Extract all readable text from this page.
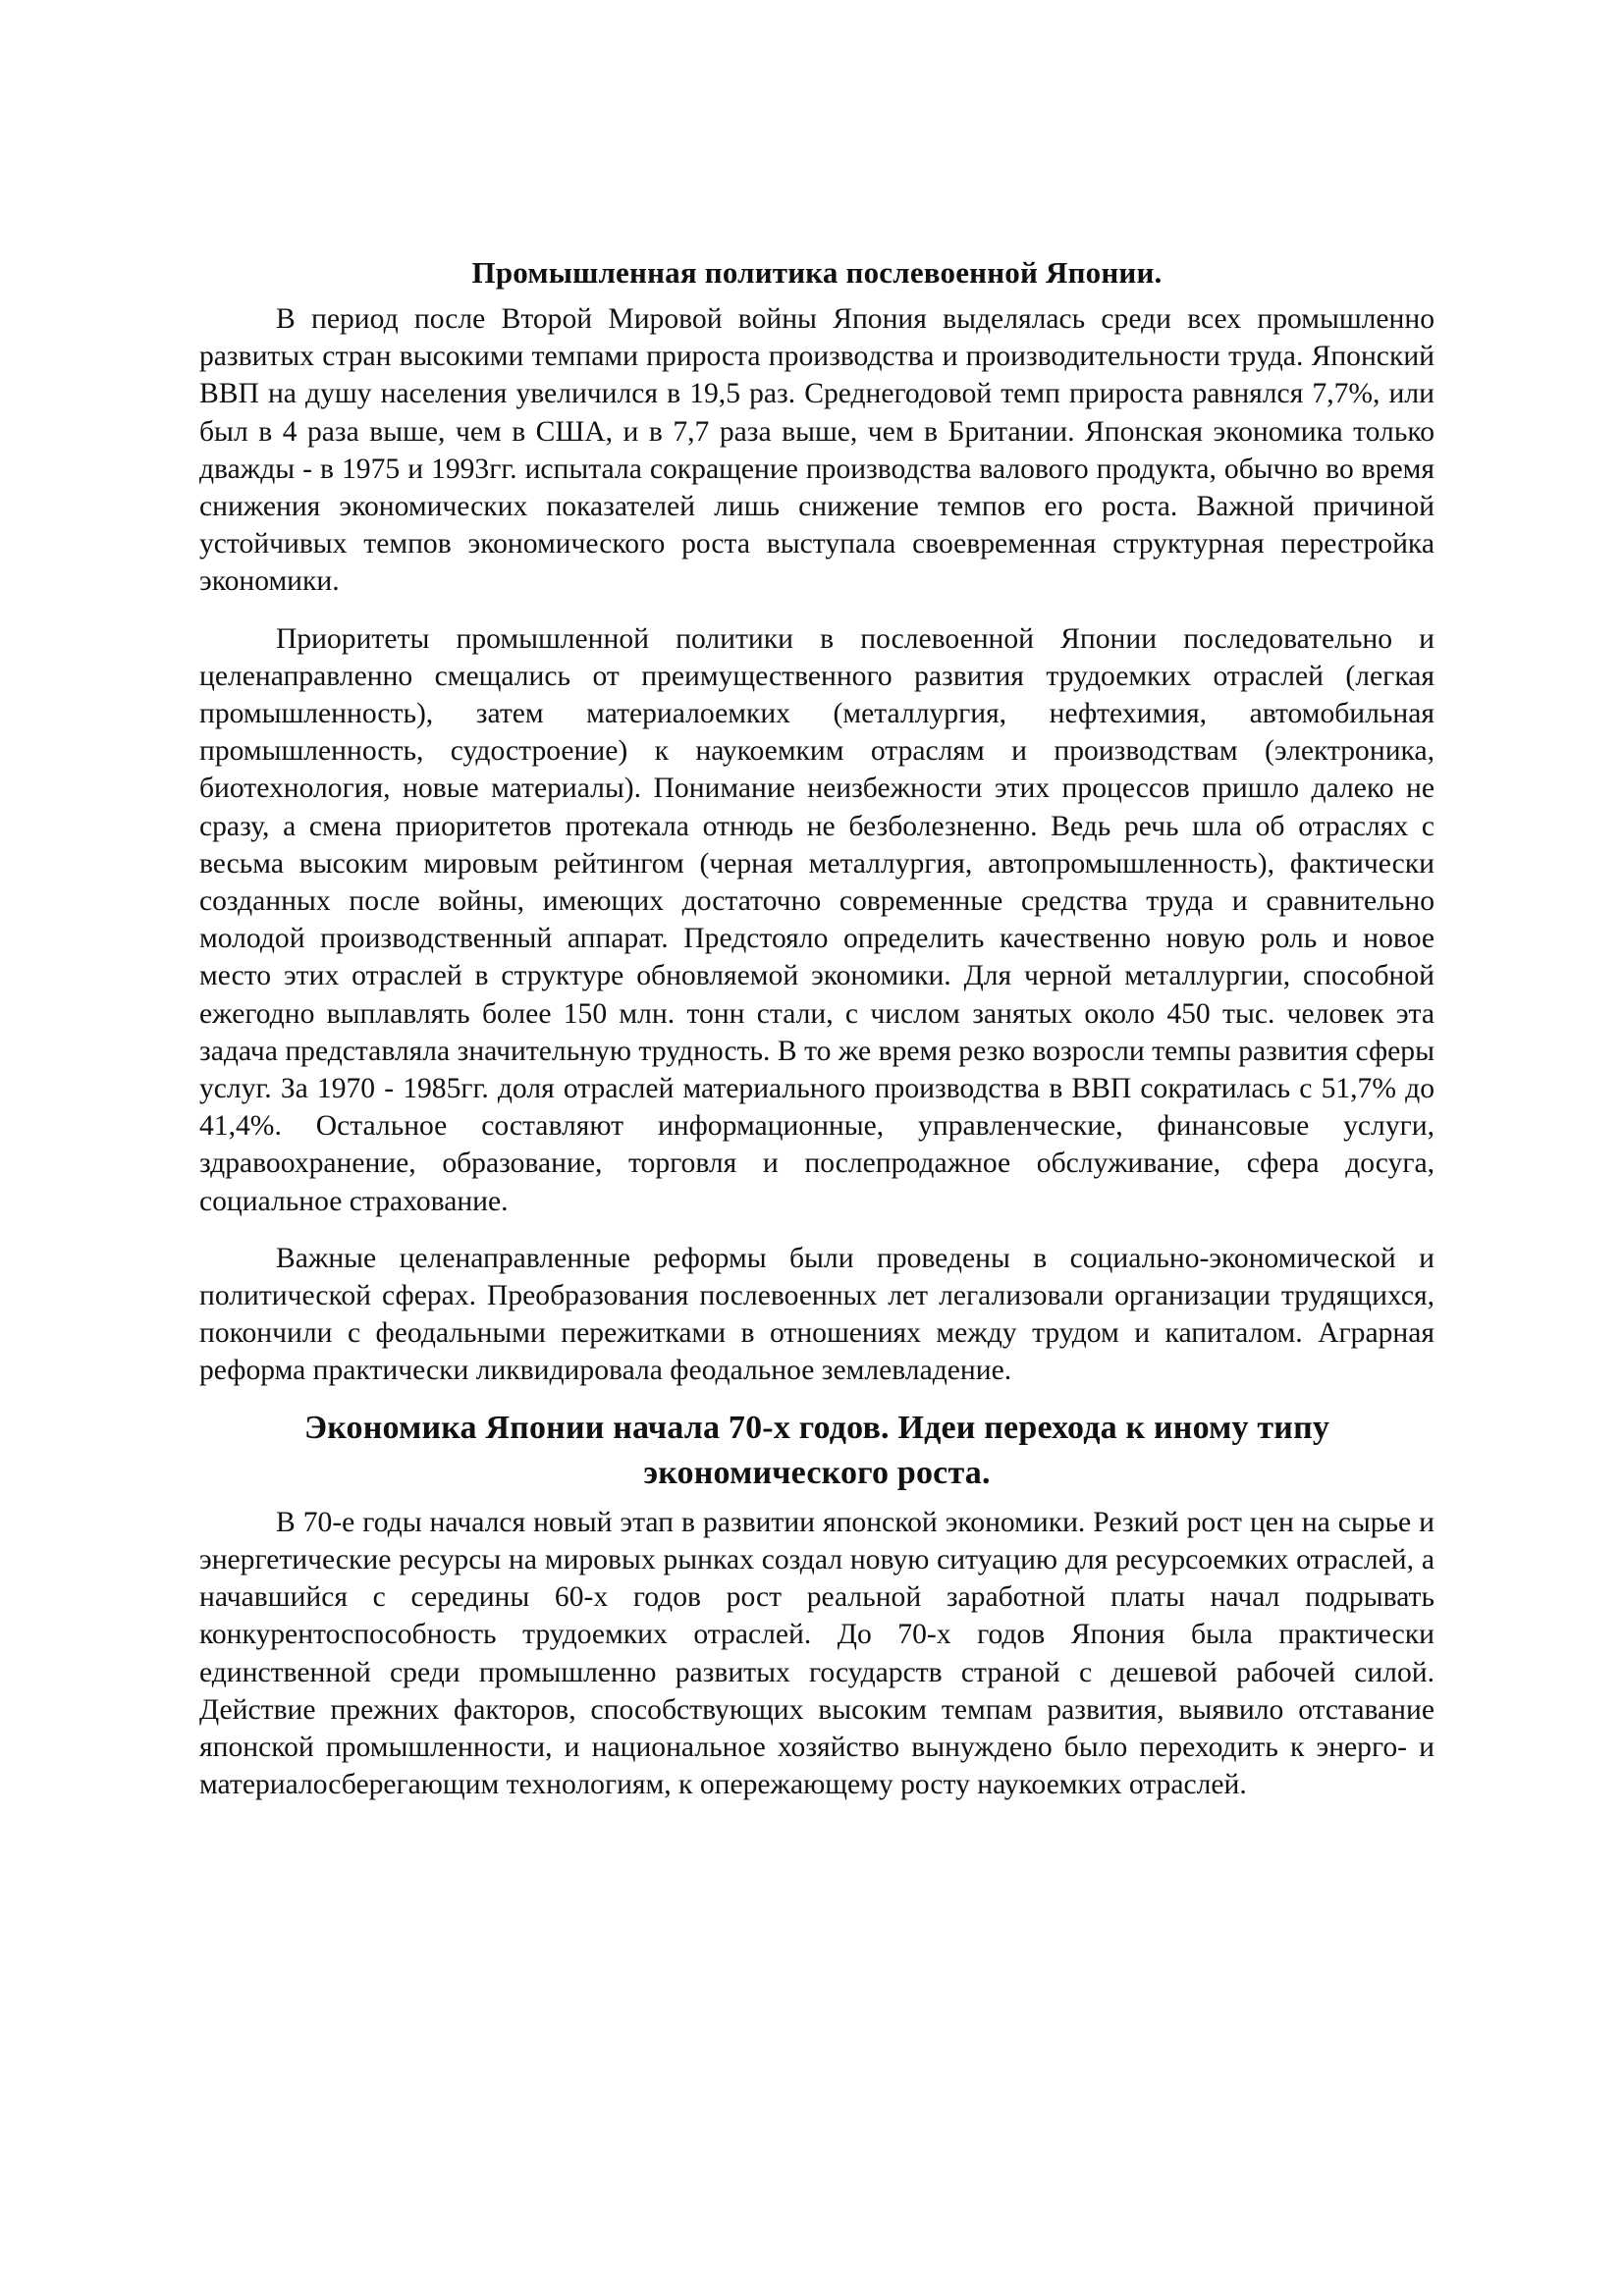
Промышленная политика послевоенной Японии.

В период после Второй Мировой войны Япония выделялась среди всех промышленно развитых стран высокими темпами прироста производства и производительности труда. Японский ВВП на душу населения увеличился в 19,5 раз. Среднегодовой темп прироста равнялся 7,7%, или был в 4 раза выше, чем в США, и в 7,7 раза выше, чем в Британии. Японская экономика только дважды - в 1975 и 1993гг. испытала сокращение производства валового продукта, обычно во время снижения экономических показателей лишь снижение темпов его роста. Важной причиной устойчивых темпов экономического роста выступала своевременная структурная перестройка экономики.

Приоритеты промышленной политики в послевоенной Японии последовательно и целенаправленно смещались от преимущественного развития трудоемких отраслей (легкая промышленность), затем материалоемких (металлургия, нефтехимия, автомобильная промышленность, судостроение) к наукоемким отраслям и производствам (электроника, биотехнология, новые материалы). Понимание неизбежности этих процессов пришло далеко не сразу, а смена приоритетов протекала отнюдь не безболезненно. Ведь речь шла об отраслях с весьма высоким мировым рейтингом (черная металлургия, автопромышленность), фактически созданных после войны, имеющих достаточно современные средства труда и сравнительно молодой производственный аппарат. Предстояло определить качественно новую роль и новое место этих отраслей в структуре обновляемой экономики. Для черной металлургии, способной ежегодно выплавлять более 150 млн. тонн стали, с числом занятых около 450 тыс. человек эта задача представляла значительную трудность. В то же время резко возросли темпы развития сферы услуг. За 1970 - 1985гг. доля отраслей материального производства в ВВП сократилась с 51,7% до 41,4%. Остальное составляют информационные, управленческие, финансовые услуги, здравоохранение, образование, торговля и послепродажное обслуживание, сфера досуга, социальное страхование.

Важные целенаправленные реформы были проведены в социально-экономической и политической сферах. Преобразования послевоенных лет легализовали организации трудящихся, покончили с феодальными пережитками в отношениях между трудом и капиталом. Аграрная реформа практически ликвидировала феодальное землевладение.

Экономика Японии начала 70-х годов. Идеи перехода к иному типу экономического роста.

В 70-е годы начался новый этап в развитии японской экономики. Резкий рост цен на сырье и энергетические ресурсы на мировых рынках создал новую ситуацию для ресурсоемких отраслей, а начавшийся с середины 60-х годов рост реальной заработной платы начал подрывать конкурентоспособность трудоемких отраслей. До 70-х годов Япония была практически единственной среди промышленно развитых государств страной с дешевой рабочей силой. Действие прежних факторов, способствующих высоким темпам развития, выявило отставание японской промышленности, и национальное хозяйство вынуждено было переходить к энерго- и материалосберегающим технологиям, к опережающему росту наукоемких отраслей.
